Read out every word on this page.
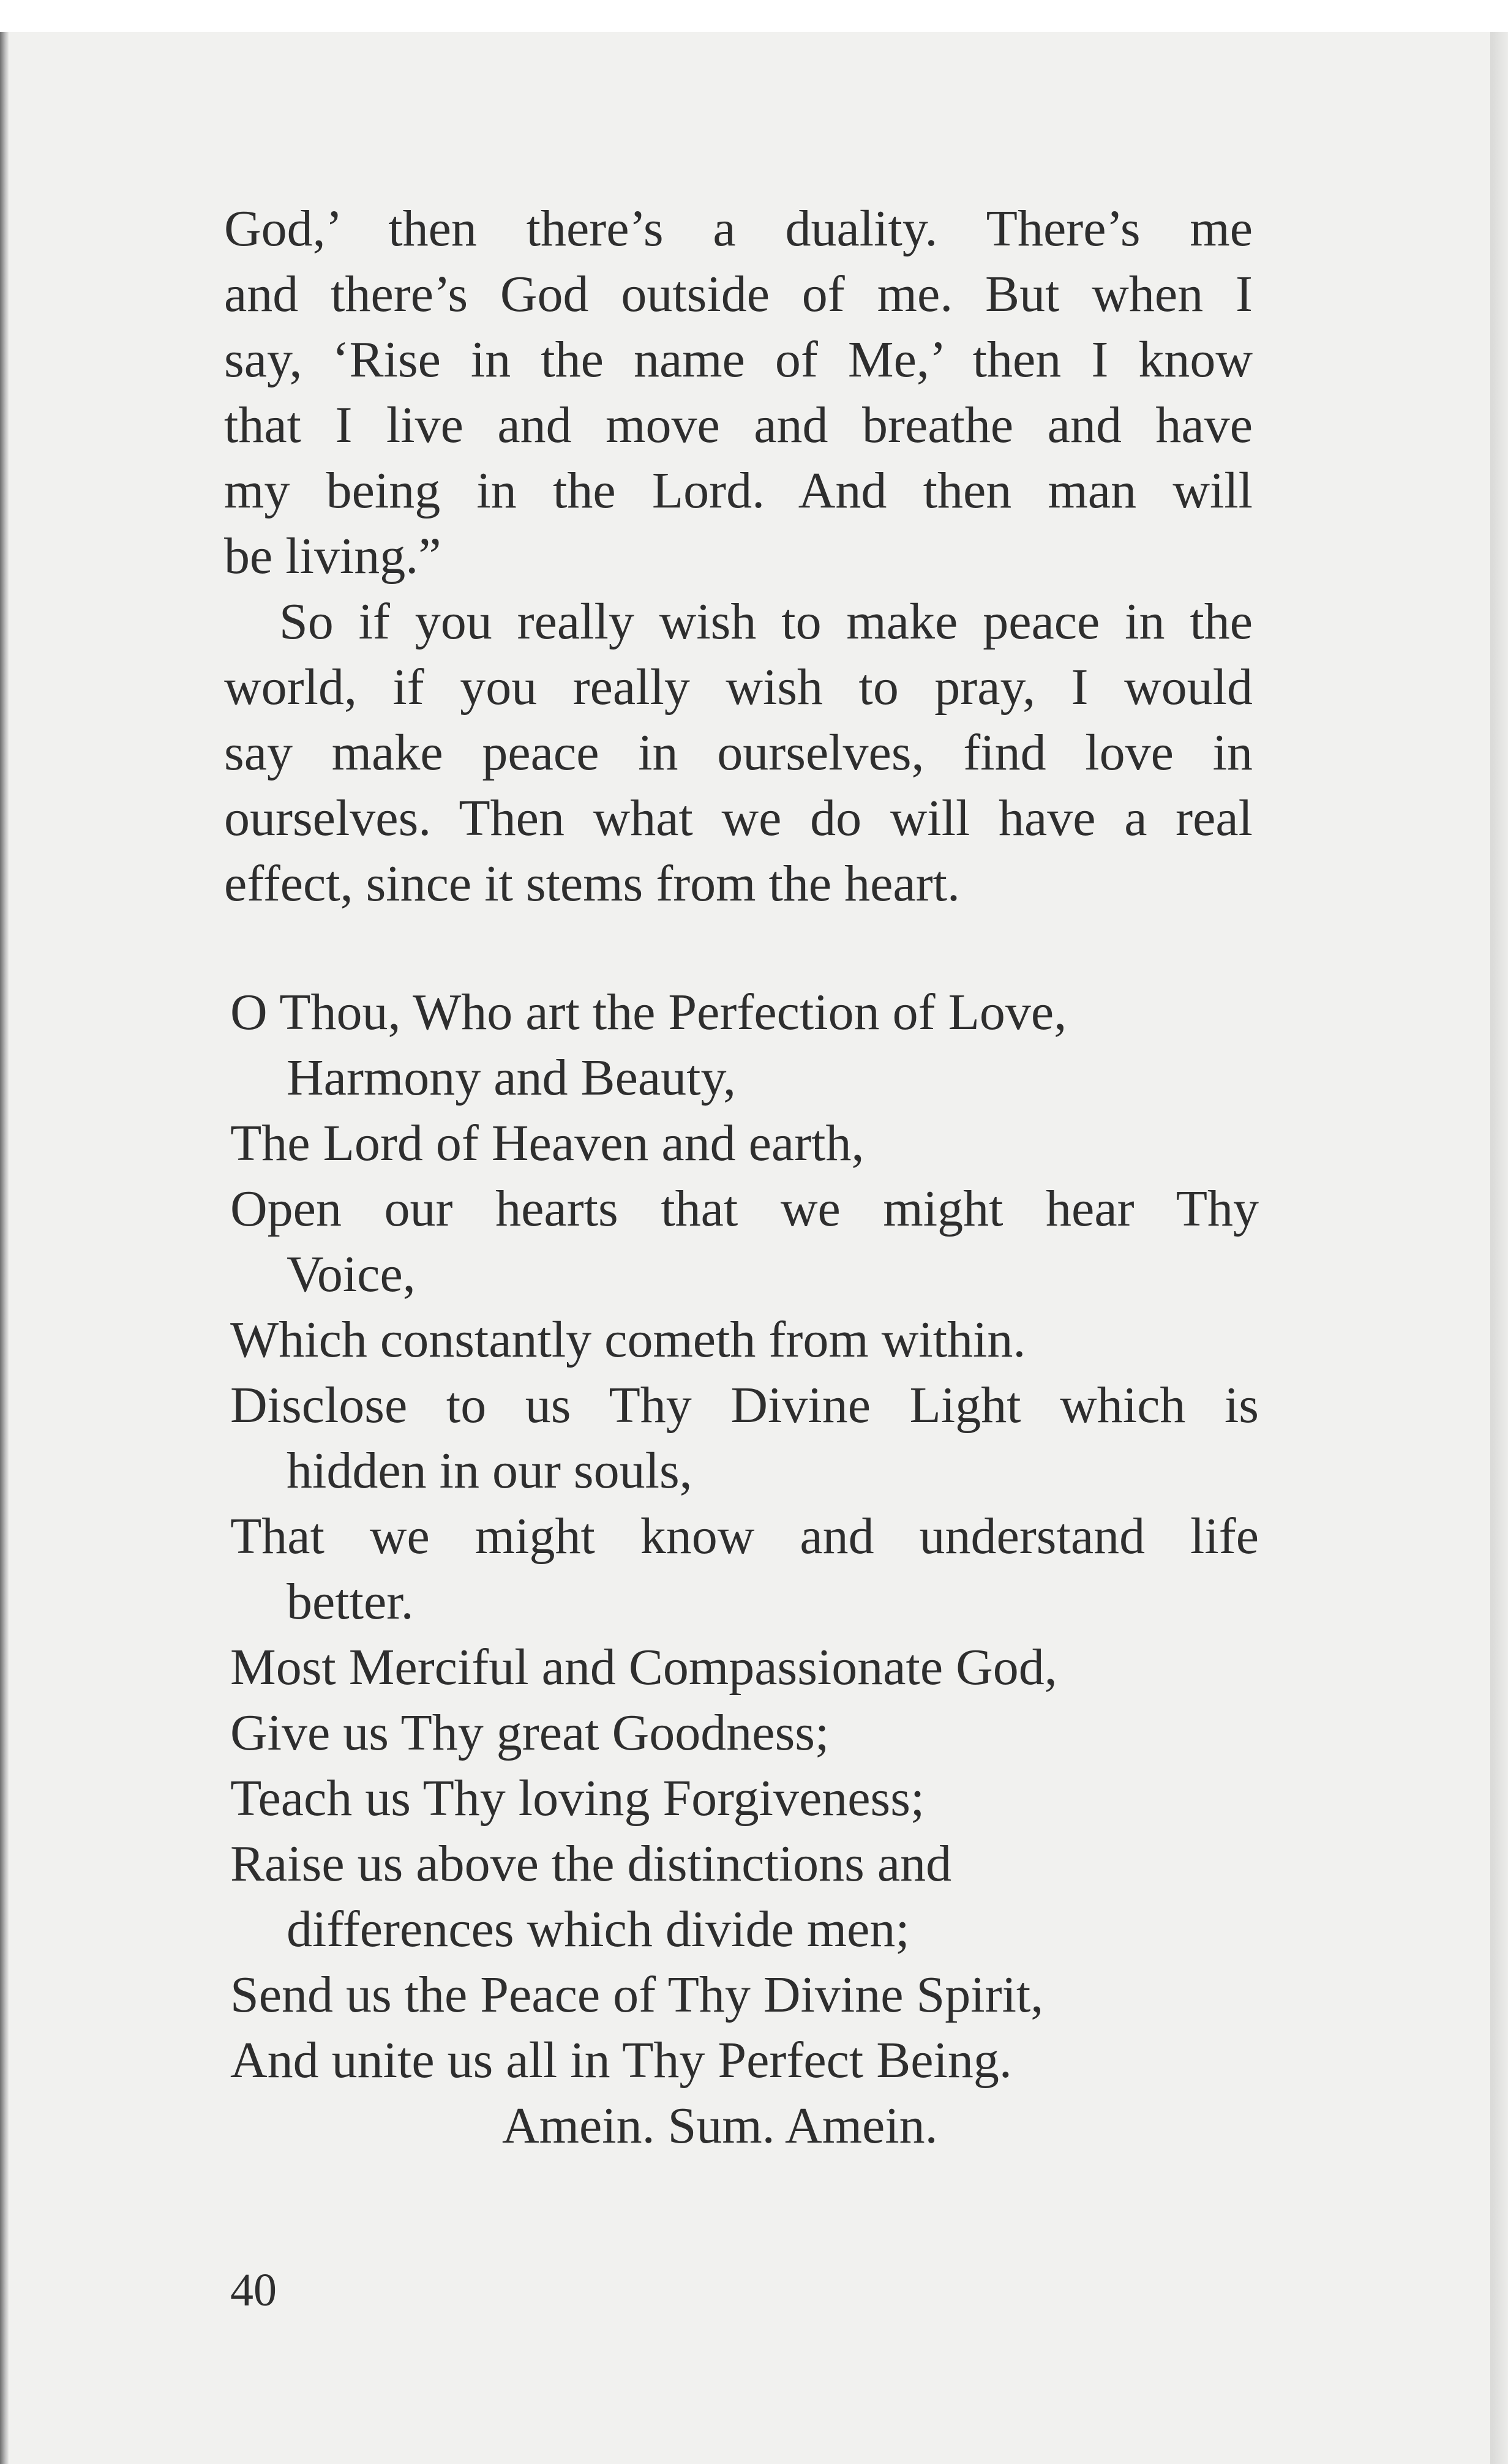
God,’ then there’s a duality. There’s me

and there’s God outside of me. But when I

say, ‘Rise in the name of Me,’ then I know

that I live and move and breathe and have

my being in the Lord. And then man will

be living.”

So if you really wish to make peace in the

world, if you really wish to pray, I would

say make peace in ourselves, find love in

ourselves. Then what we do will have a real

effect, since it stems from the heart.

O Thou, Who art the Perfection of Love,

Harmony and Beauty,

The Lord of Heaven and earth,

Open our hearts that we might hear Thy

Voice,

Which constantly cometh from within.

Disclose to us Thy Divine Light which is

hidden in our souls,

That we might know and understand life

better.

Most Merciful and Compassionate God,

Give us Thy great Goodness;

Teach us Thy loving Forgiveness;

Raise us above the distinctions and

differences which divide men;

Send us the Peace of Thy Divine Spirit,

And unite us all in Thy Perfect Being.

Amein. Sum. Amein.

40
